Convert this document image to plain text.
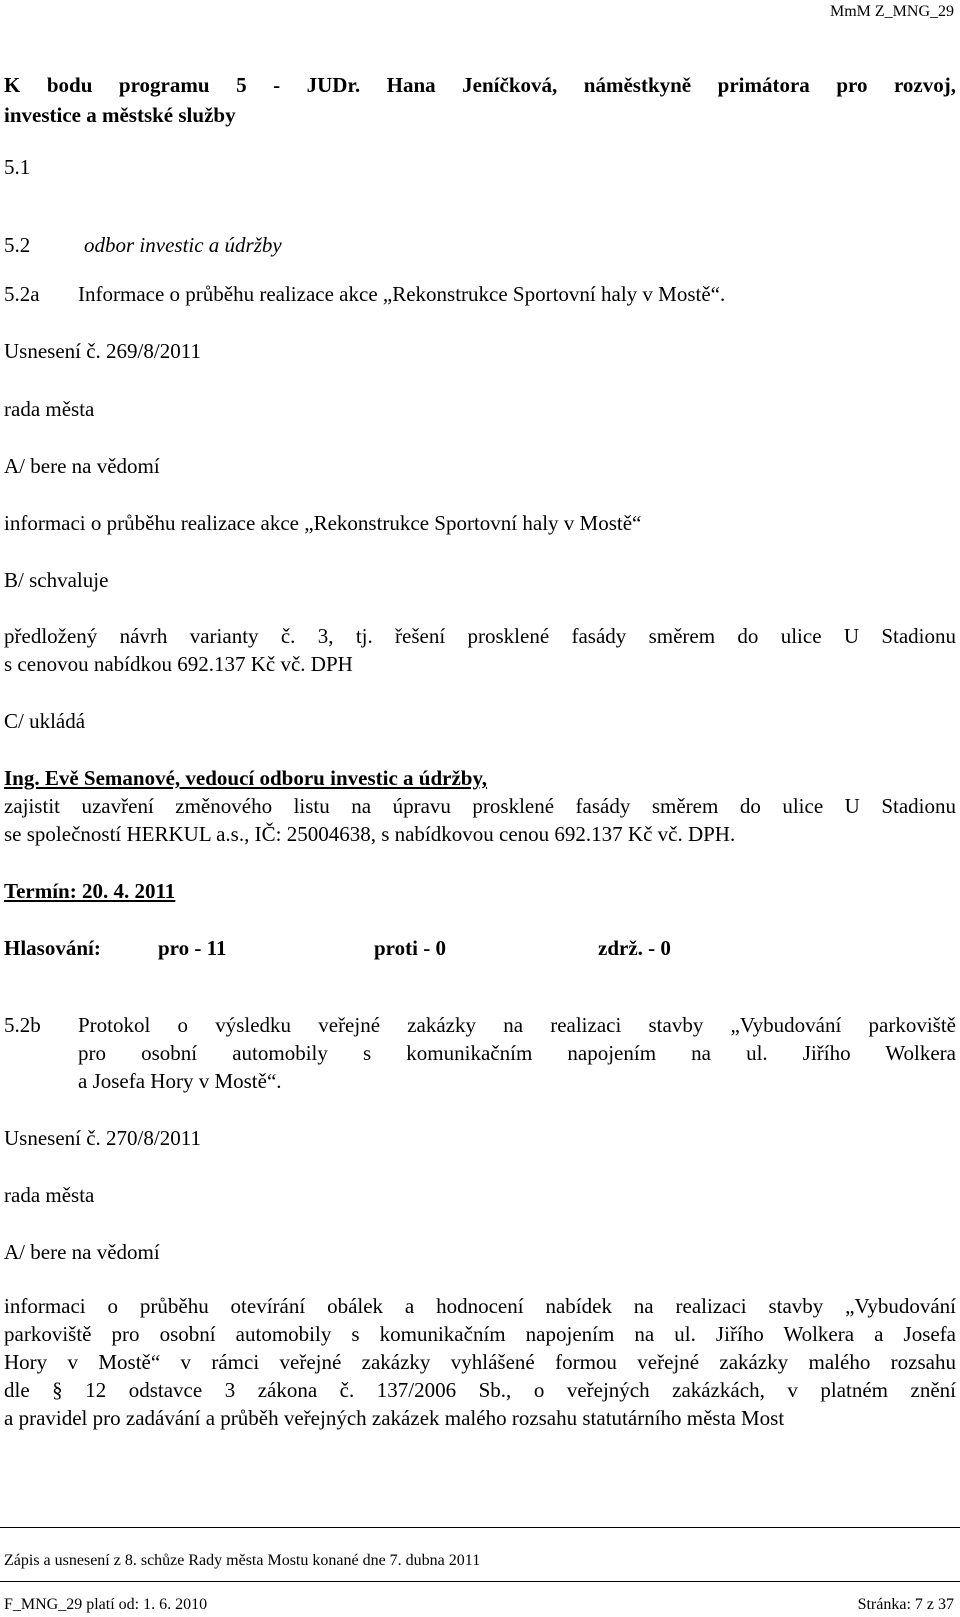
MmM Z_MNG_29
K bodu programu 5 - JUDr. Hana Jeníčková, náměstkyně primátora pro rozvoj,
investice a městské služby
5.1
5.2	odbor investic a údržby
5.2a Informace o průběhu realizace akce „Rekonstrukce Sportovní haly v Mostě“.
Usnesení č. 269/8/2011
rada města
A/ bere na vědomí
informaci o průběhu realizace akce „Rekonstrukce Sportovní haly v Mostě“
B/ schvaluje
předložený návrh varianty č. 3, tj. řešení prosklené fasády směrem do ulice U Stadionu
s cenovou nabídkou 692.137 Kč vč. DPH
C/ ukládá
Ing. Evě Semanové, vedoucí odboru investic a údržby,
zajistit uzavření změnového listu na úpravu prosklené fasády směrem do ulice U Stadionu
se společností HERKUL a.s., IČ: 25004638, s nabídkovou cenou 692.137 Kč vč. DPH.
Termín: 20. 4. 2011
Hlasování:	pro - 11	proti - 0	zdrž. - 0
5.2b Protokol o výsledku veřejné zakázky na realizaci stavby „Vybudování parkoviště
pro osobní automobily s komunikačním napojením na ul. Jiřího Wolkera
a Josefa Hory v Mostě“.
Usnesení č. 270/8/2011
rada města
A/ bere na vědomí
informaci o průběhu otevírání obálek a hodnocení nabídek na realizaci stavby „Vybudování
parkoviště pro osobní automobily s komunikačním napojením na ul. Jiřího Wolkera a Josefa
Hory v Mostě“ v rámci veřejné zakázky vyhlášené formou veřejné zakázky malého rozsahu
dle § 12 odstavce 3 zákona č. 137/2006 Sb., o veřejných zakázkách, v platném znění
a pravidel pro zadávání a průběh veřejných zakázek malého rozsahu statutárního města Most
Zápis a usnesení z 8. schůze Rady města Mostu konané dne 7. dubna 2011
F_MNG_29 platí od: 1. 6. 2010	Stránka: 7 z 37
